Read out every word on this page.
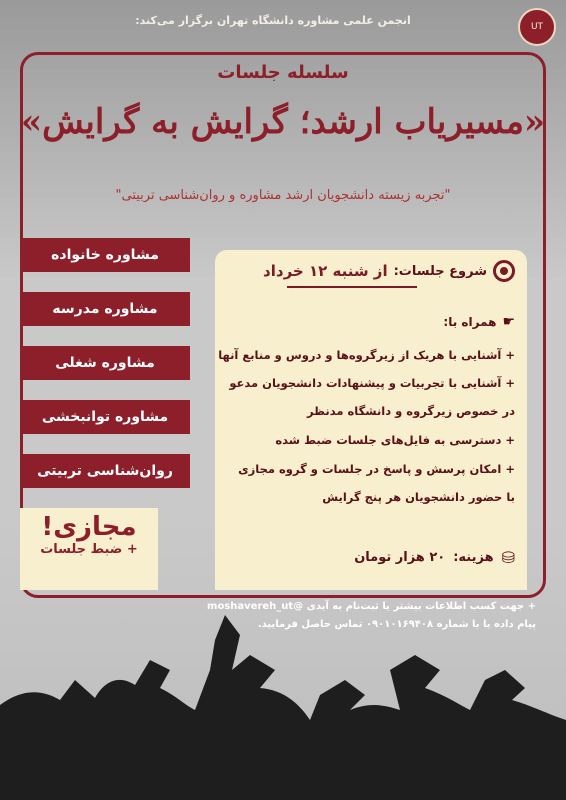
UT
انجمن علمی مشاوره دانشگاه تهران برگزار می‌کند:
سلسله جلسات
«مسیریاب ارشد؛ گرایش به گرایش»
"تجربه زیسته دانشجویان ارشد مشاوره و روان‌شناسی تربیتی"
مشاوره خانواده
مشاوره مدرسه
مشاوره شغلی
مشاوره توانبخشی
روان‌شناسی تربیتی
مجازی!
+ ضبط جلسات
شروع جلسات:
از شنبه ۱۲ خرداد
☛
همراه با:
+ آشنایی با هریک از زیرگروه‌ها و دروس و منابع آنها
+ آشنایی با تجربیات و پیشنهادات دانشجویان مدعو
در خصوص زیرگروه و دانشگاه مدنظر
+ دسترسی به فایل‌های جلسات ضبط شده
+ امکان پرسش و پاسخ در جلسات و گروه مجازی
با حضور دانشجویان هر پنج گرایش
⛁
هزینه:
۲۰ هزار تومان
+ جهت کسب اطلاعات بیشتر یا ثبت‌نام به آیدی @moshavereh_ut
پیام داده یا با شماره ۰۹۰۱۰۱۶۹۴۰۸ تماس حاصل فرمایید.
